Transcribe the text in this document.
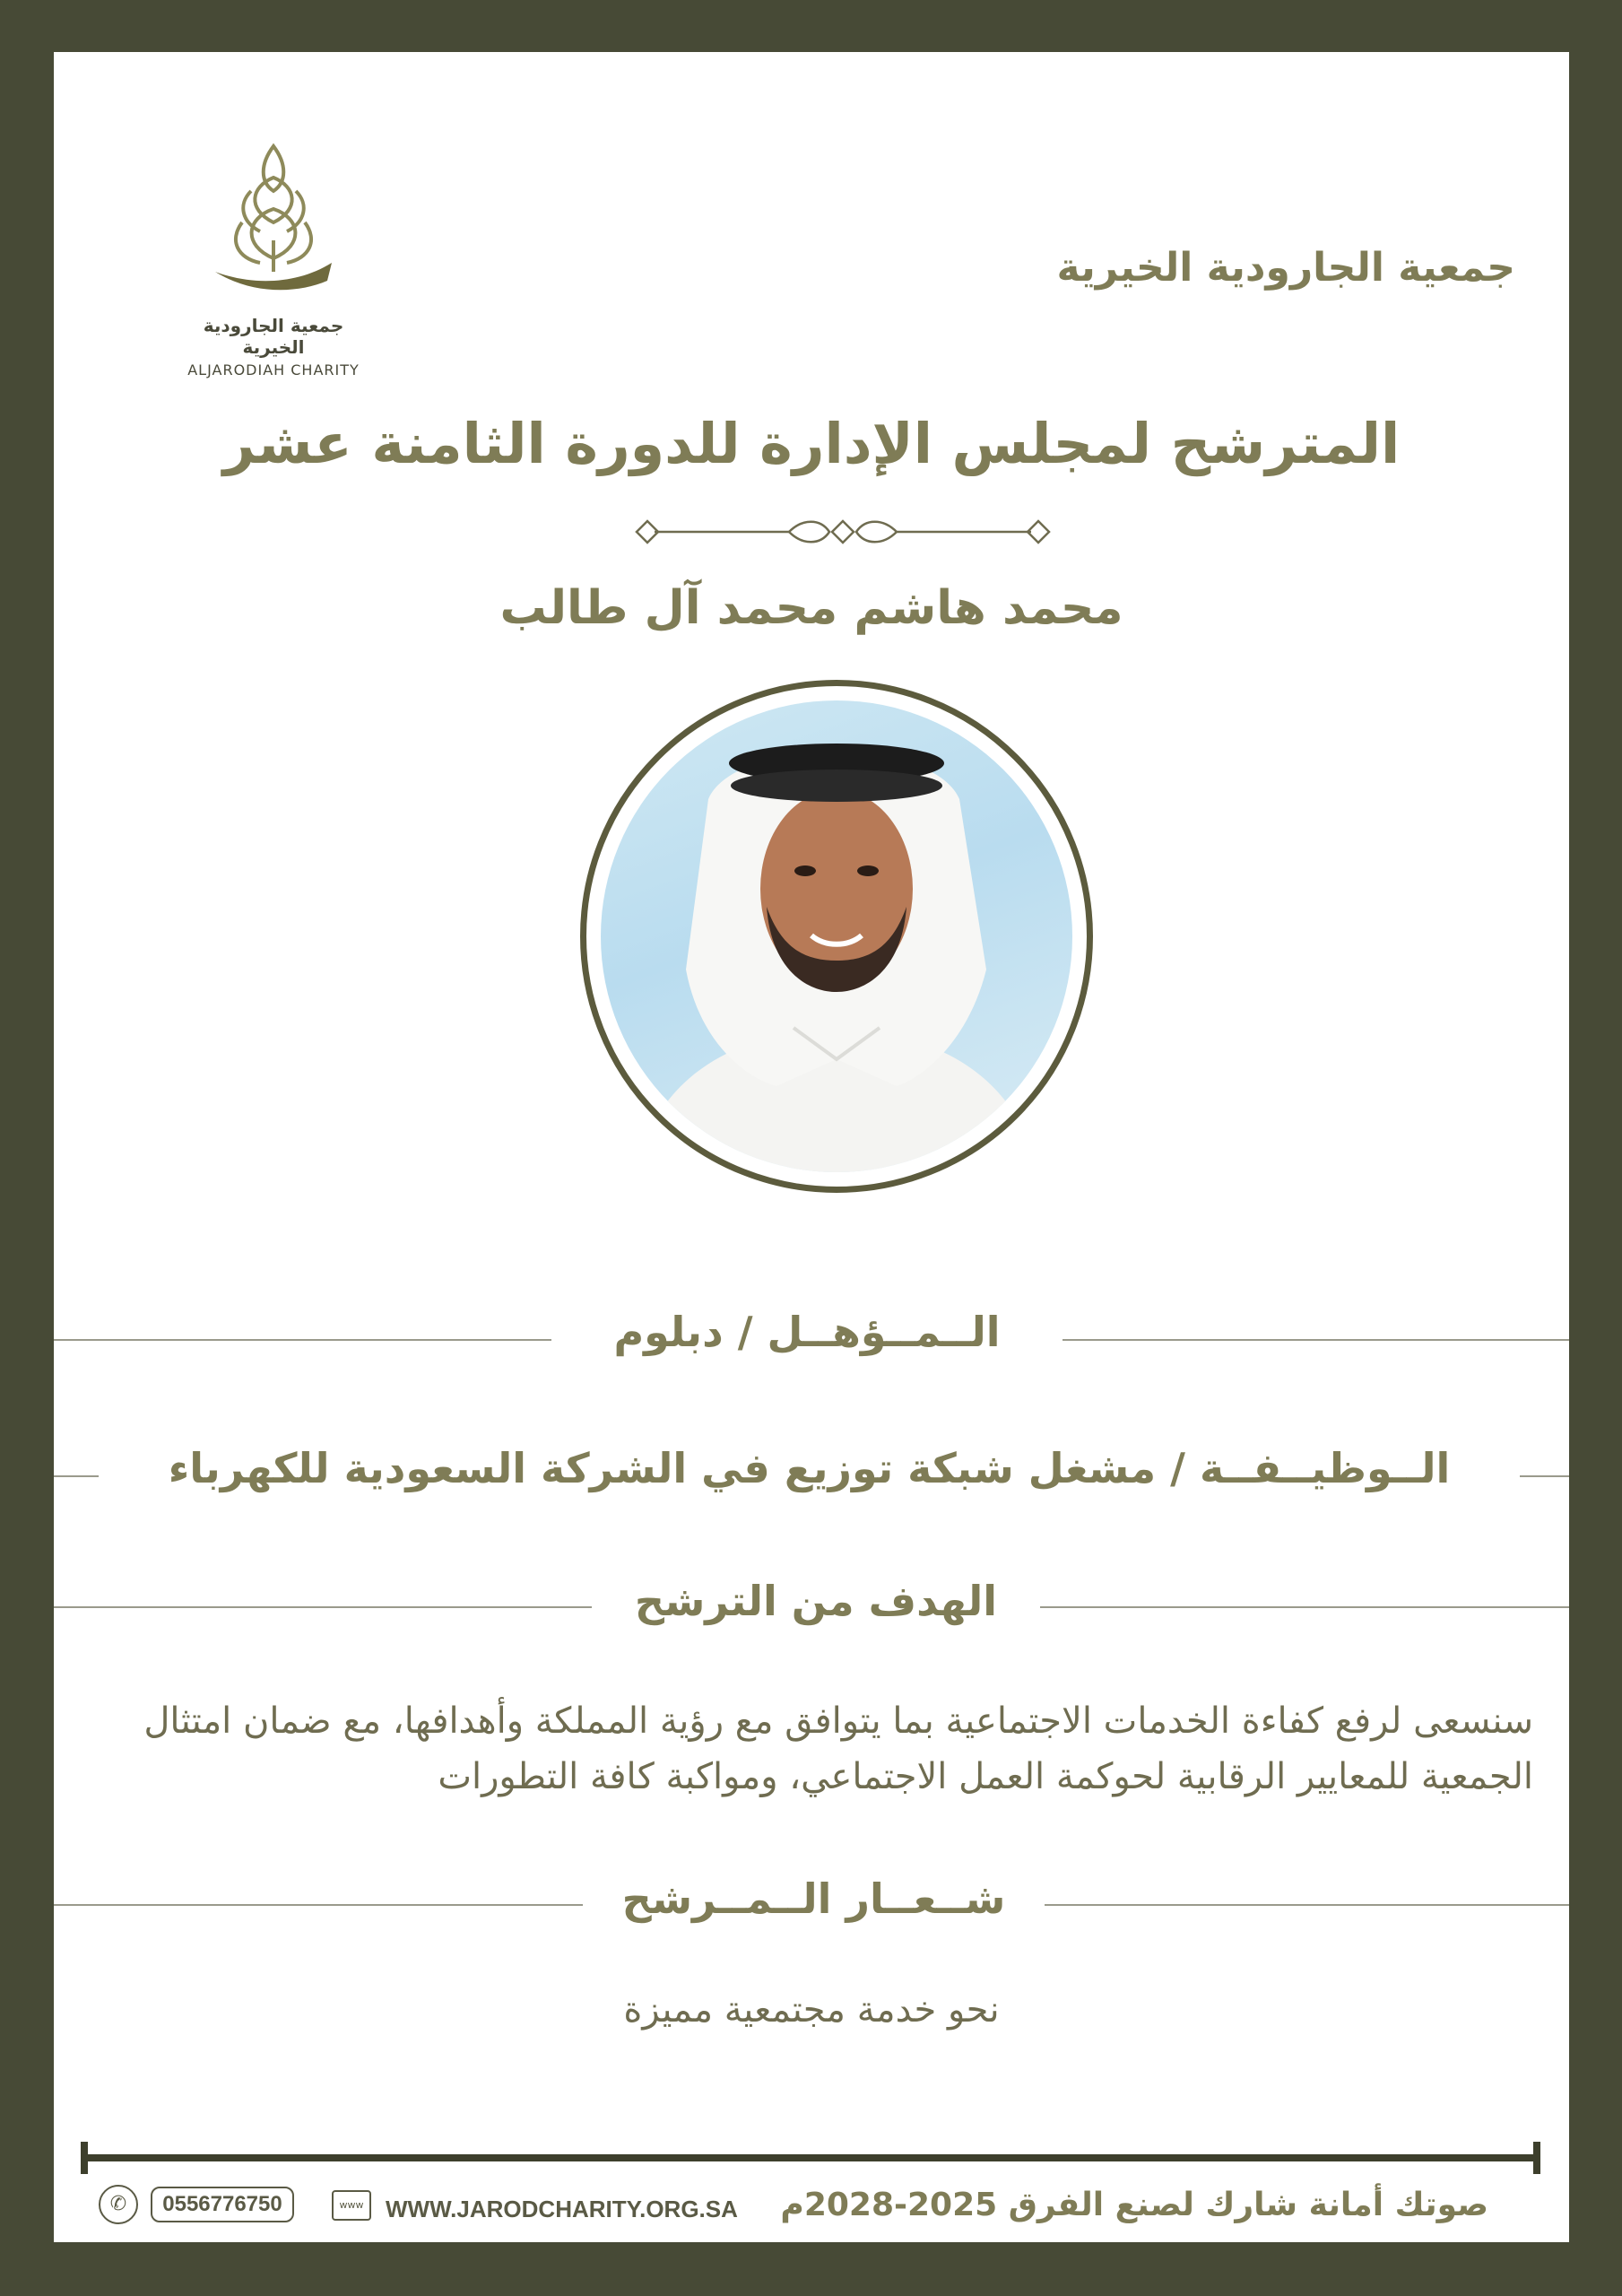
جمعية الجارودية الخيرية
ALJARODIAH CHARITY
جمعية الجارودية الخيرية
المترشح لمجلس الإدارة للدورة الثامنة عشر
محمد هاشم محمد آل طالب
الــمــؤهــل / دبلوم
الــوظيــفــة / مشغل شبكة توزيع في الشركة السعودية للكهرباء
الهدف من الترشح
سنسعى لرفع كفاءة الخدمات الاجتماعية بما يتوافق مع رؤية المملكة وأهدافها، مع ضمان امتثال الجمعية للمعايير الرقابية لحوكمة العمل الاجتماعي، ومواكبة كافة التطورات
شــعــار الــمــرشح
نحو خدمة مجتمعية مميزة
صوتك أمانة شارك لصنع الفرق 2025-2028م
WWW.JARODCHARITY.ORG.SA
www
0556776750
✆
